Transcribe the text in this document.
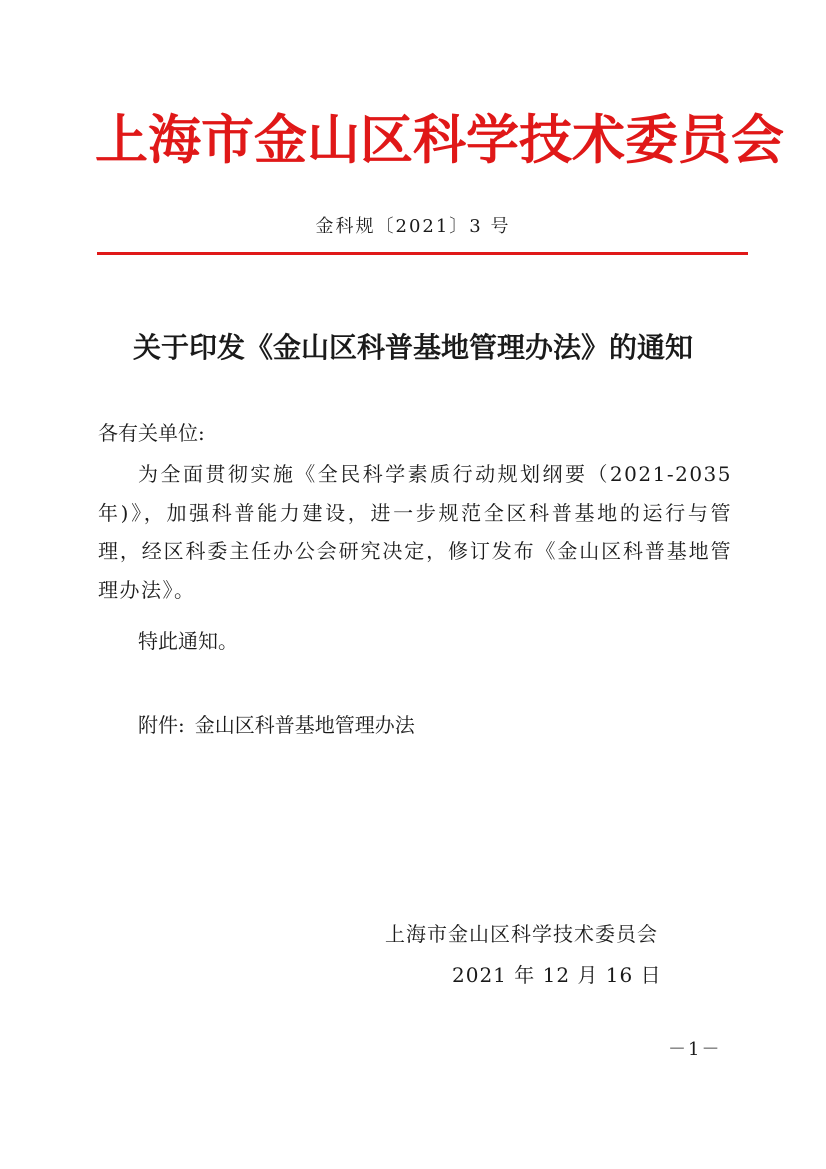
上海市金山区科学技术委员会
金科规〔2021〕3 号
关于印发《金山区科普基地管理办法》的通知
各有关单位:

为全面贯彻实施《全民科学素质行动规划纲要（2021-2035年)》，加强科普能力建设，进一步规范全区科普基地的运行与管理，经区科委主任办公会研究决定，修订发布《金山区科普基地管理办法》。

特此通知。
附件: 金山区科普基地管理办法
上海市金山区科学技术委员会
2021 年 12 月 16 日
－1－
